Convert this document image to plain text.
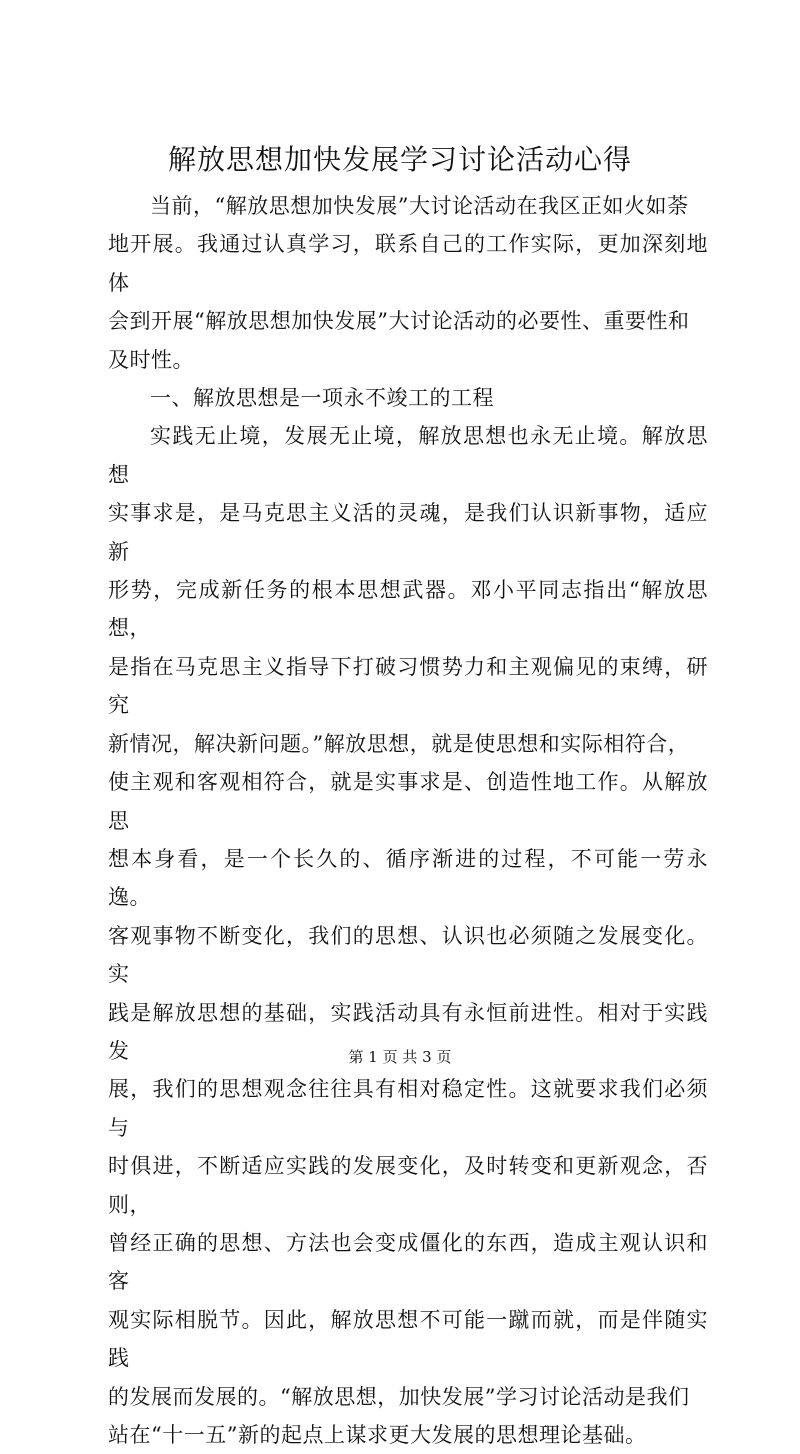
解放思想加快发展学习讨论活动心得

当前，“解放思想加快发展”大讨论活动在我区正如火如荼
地开展。我通过认真学习，联系自己的工作实际，更加深刻地体
会到开展“解放思想加快发展”大讨论活动的必要性、重要性和
及时性。

一、解放思想是一项永不竣工的工程

实践无止境，发展无止境，解放思想也永无止境。解放思想
实事求是，是马克思主义活的灵魂，是我们认识新事物，适应新
形势，完成新任务的根本思想武器。邓小平同志指出“解放思想，
是指在马克思主义指导下打破习惯势力和主观偏见的束缚，研究
新情况，解决新问题。”解放思想，就是使思想和实际相符合，
使主观和客观相符合，就是实事求是、创造性地工作。从解放思
想本身看，是一个长久的、循序渐进的过程，不可能一劳永逸。
客观事物不断变化，我们的思想、认识也必须随之发展变化。实
践是解放思想的基础，实践活动具有永恒前进性。相对于实践发
展，我们的思想观念往往具有相对稳定性。这就要求我们必须与
时俱进，不断适应实践的发展变化，及时转变和更新观念，否则，
曾经正确的思想、方法也会变成僵化的东西，造成主观认识和客
观实际相脱节。因此，解放思想不可能一蹴而就，而是伴随实践
的发展而发展的。“解放思想，加快发展”学习讨论活动是我们
站在“十一五”新的起点上谋求更大发展的思想理论基础。

第 1 页 共 3 页
